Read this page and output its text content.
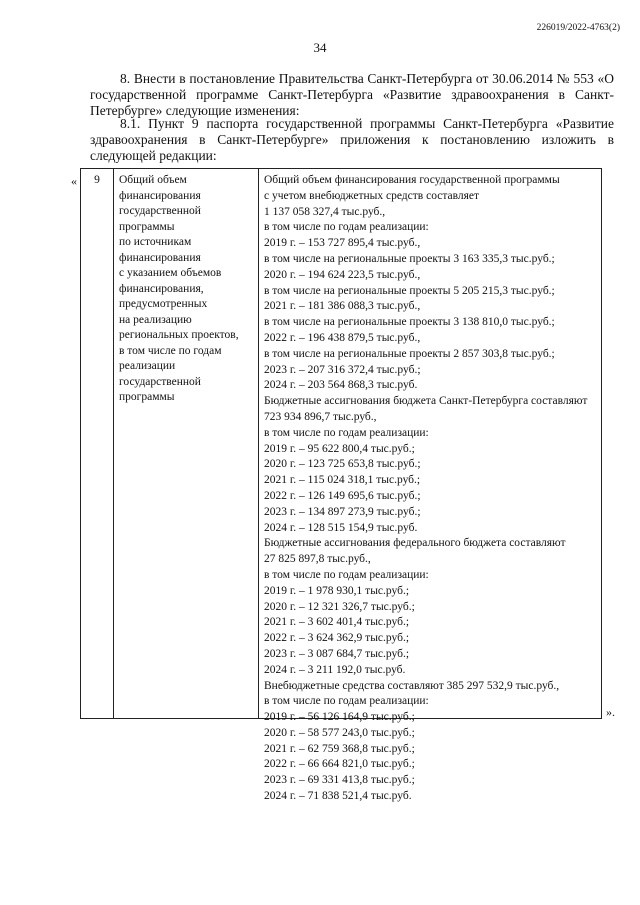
226019/2022-4763(2)
34

8. Внести в постановление Правительства Санкт-Петербурга от 30.06.2014 № 553 «О государственной программе Санкт-Петербурга «Развитие здравоохранения в Санкт-Петербурге» следующие изменения:

8.1. Пункт 9 паспорта государственной программы Санкт-Петербурга «Развитие здравоохранения в Санкт-Петербурге» приложения к постановлению изложить в следующей редакции:

«	9	Общий объем
финансирования
государственной
программы
по источникам
финансирования
с указанием объемов
финансирования,
предусмотренных
на реализацию
региональных проектов,
в том числе по годам
реализации
государственной
программы
Общий объем финансирования государственной программы
с учетом внебюджетных средств составляет
1 137 058 327,4 тыс.руб.,
в том числе по годам реализации:
2019 г. – 153 727 895,4 тыс.руб.,
в том числе на региональные проекты 3 163 335,3 тыс.руб.;
2020 г. – 194 624 223,5 тыс.руб.,
в том числе на региональные проекты 5 205 215,3 тыс.руб.;
2021 г. – 181 386 088,3 тыс.руб.,
в том числе на региональные проекты 3 138 810,0 тыс.руб.;
2022 г. – 196 438 879,5 тыс.руб.,
в том числе на региональные проекты 2 857 303,8 тыс.руб.;
2023 г. – 207 316 372,4 тыс.руб.;
2024 г. – 203 564 868,3 тыс.руб.
Бюджетные ассигнования бюджета Санкт-Петербурга составляют
723 934 896,7 тыс.руб.,
в том числе по годам реализации:
2019 г. – 95 622 800,4 тыс.руб.;
2020 г. – 123 725 653,8 тыс.руб.;
2021 г. – 115 024 318,1 тыс.руб.;
2022 г. – 126 149 695,6 тыс.руб.;
2023 г. – 134 897 273,9 тыс.руб.;
2024 г. – 128 515 154,9 тыс.руб.
Бюджетные ассигнования федерального бюджета составляют
27 825 897,8 тыс.руб.,
в том числе по годам реализации:
2019 г. – 1 978 930,1 тыс.руб.;
2020 г. – 12 321 326,7 тыс.руб.;
2021 г. – 3 602 401,4 тыс.руб.;
2022 г. – 3 624 362,9 тыс.руб.;
2023 г. – 3 087 684,7 тыс.руб.;
2024 г. – 3 211 192,0 тыс.руб.
Внебюджетные средства составляют 385 297 532,9 тыс.руб.,
в том числе по годам реализации:
2019 г. – 56 126 164,9 тыс.руб.;
2020 г. – 58 577 243,0 тыс.руб.;
2021 г. – 62 759 368,8 тыс.руб.;
2022 г. – 66 664 821,0 тыс.руб.;
2023 г. – 69 331 413,8 тыс.руб.;
2024 г. – 71 838 521,4 тыс.руб.
».
